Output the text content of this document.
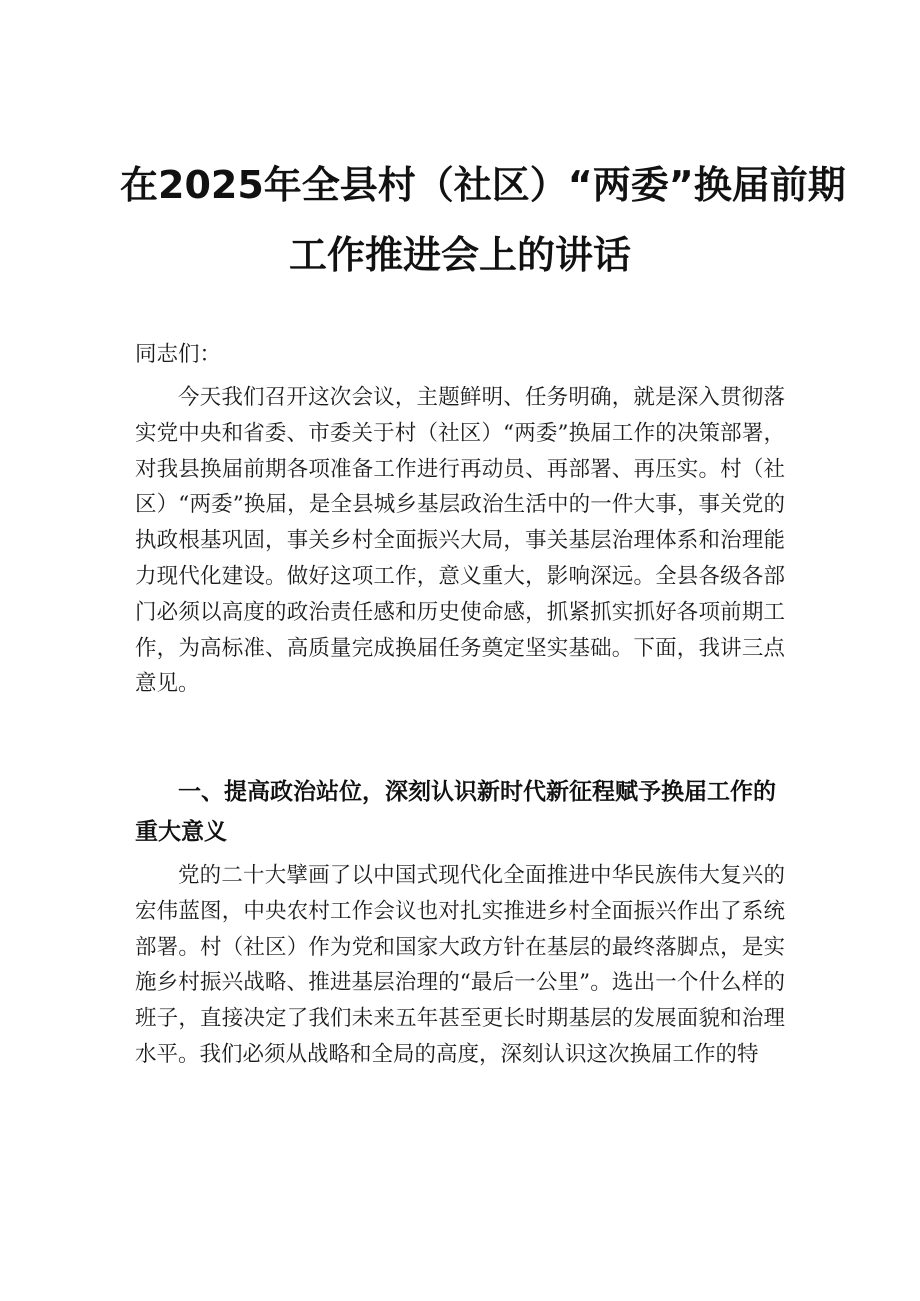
在2025年全县村（社区）“两委”换届前期
工作推进会上的讲话
同志们：

今天我们召开这次会议，主题鲜明、任务明确，就是深入贯彻落实党中央和省委、市委关于村（社区）“两委”换届工作的决策部署，对我县换届前期各项准备工作进行再动员、再部署、再压实。村（社区）“两委”换届，是全县城乡基层政治生活中的一件大事，事关党的执政根基巩固，事关乡村全面振兴大局，事关基层治理体系和治理能力现代化建设。做好这项工作，意义重大，影响深远。全县各级各部门必须以高度的政治责任感和历史使命感，抓紧抓实抓好各项前期工作，为高标准、高质量完成换届任务奠定坚实基础。下面，我讲三点意见。

一、提高政治站位，深刻认识新时代新征程赋予换届工作的重大意义

党的二十大擘画了以中国式现代化全面推进中华民族伟大复兴的宏伟蓝图，中央农村工作会议也对扎实推进乡村全面振兴作出了系统部署。村（社区）作为党和国家大政方针在基层的最终落脚点，是实施乡村振兴战略、推进基层治理的“最后一公里”。选出一个什么样的班子，直接决定了我们未来五年甚至更长时期基层的发展面貌和治理水平。我们必须从战略和全局的高度，深刻认识这次换届工作的特
